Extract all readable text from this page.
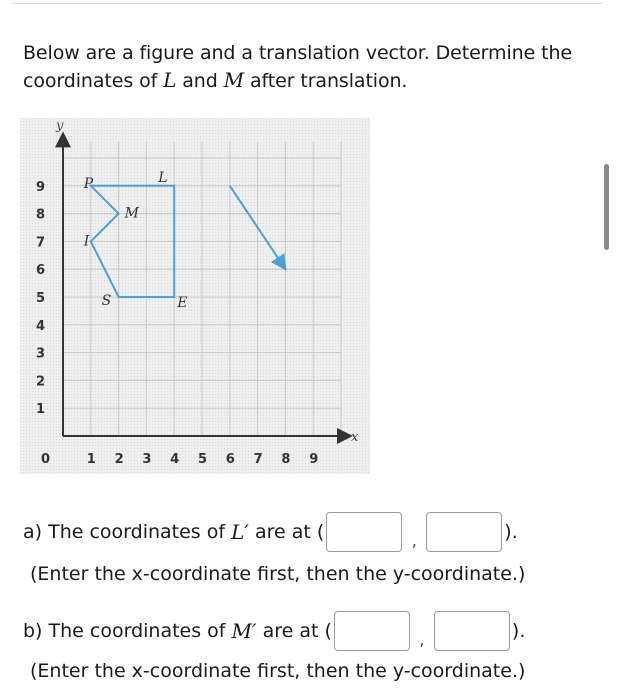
Below are a figure and a translation vector. Determine the
coordinates of L and M after translation.
0	1 2 3 4 5 6 7 8 9
1
2
3
4
5
6
7
8
9
y
x
P	L
M
I
S	E
a) The coordinates of L′ are at (	,	).
(Enter the x-coordinate first, then the y-coordinate.)
b) The coordinates of M′ are at (	,	).
(Enter the x-coordinate first, then the y-coordinate.)
